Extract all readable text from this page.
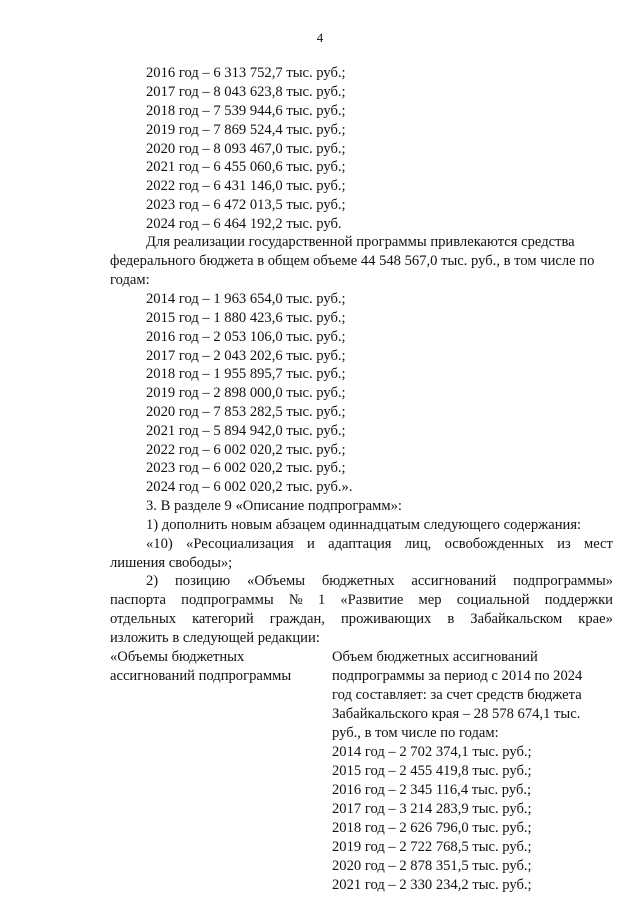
4
2016 год – 6 313 752,7 тыс. руб.;
2017 год – 8 043 623,8 тыс. руб.;
2018 год – 7 539 944,6 тыс. руб.;
2019 год – 7 869 524,4 тыс. руб.;
2020 год – 8 093 467,0 тыс. руб.;
2021 год – 6 455 060,6 тыс. руб.;
2022 год – 6 431 146,0 тыс. руб.;
2023 год – 6 472 013,5 тыс. руб.;
2024 год – 6 464 192,2 тыс. руб.
Для реализации государственной программы привлекаются средства
федерального бюджета в общем объеме 44 548 567,0 тыс. руб., в том числе по
годам:
2014 год – 1 963 654,0 тыс. руб.;
2015 год – 1 880 423,6 тыс. руб.;
2016 год – 2 053 106,0 тыс. руб.;
2017 год – 2 043 202,6 тыс. руб.;
2018 год – 1 955 895,7 тыс. руб.;
2019 год – 2 898 000,0 тыс. руб.;
2020 год – 7 853 282,5 тыс. руб.;
2021 год – 5 894 942,0 тыс. руб.;
2022 год – 6 002 020,2 тыс. руб.;
2023 год – 6 002 020,2 тыс. руб.;
2024 год – 6 002 020,2 тыс. руб.».
3. В разделе 9 «Описание подпрограмм»:
1) дополнить новым абзацем одиннадцатым следующего содержания:
«10) «Ресоциализация и адаптация лиц, освобожденных из мест
лишения свободы»;
2) позицию «Объемы бюджетных ассигнований подпрограммы»
паспорта подпрограммы № 1 «Развитие мер социальной поддержки
отдельных категорий граждан, проживающих в Забайкальском крае»
изложить в следующей редакции:
«Объемы бюджетных
ассигнований подпрограммы
Объем бюджетных ассигнований
подпрограммы за период с 2014 по 2024
год составляет: за счет средств бюджета
Забайкальского края – 28 578 674,1 тыс.
руб., в том числе по годам:
2014 год – 2 702 374,1 тыс. руб.;
2015 год – 2 455 419,8 тыс. руб.;
2016 год – 2 345 116,4 тыс. руб.;
2017 год – 3 214 283,9 тыс. руб.;
2018 год – 2 626 796,0 тыс. руб.;
2019 год – 2 722 768,5 тыс. руб.;
2020 год – 2 878 351,5 тыс. руб.;
2021 год – 2 330 234,2 тыс. руб.;
